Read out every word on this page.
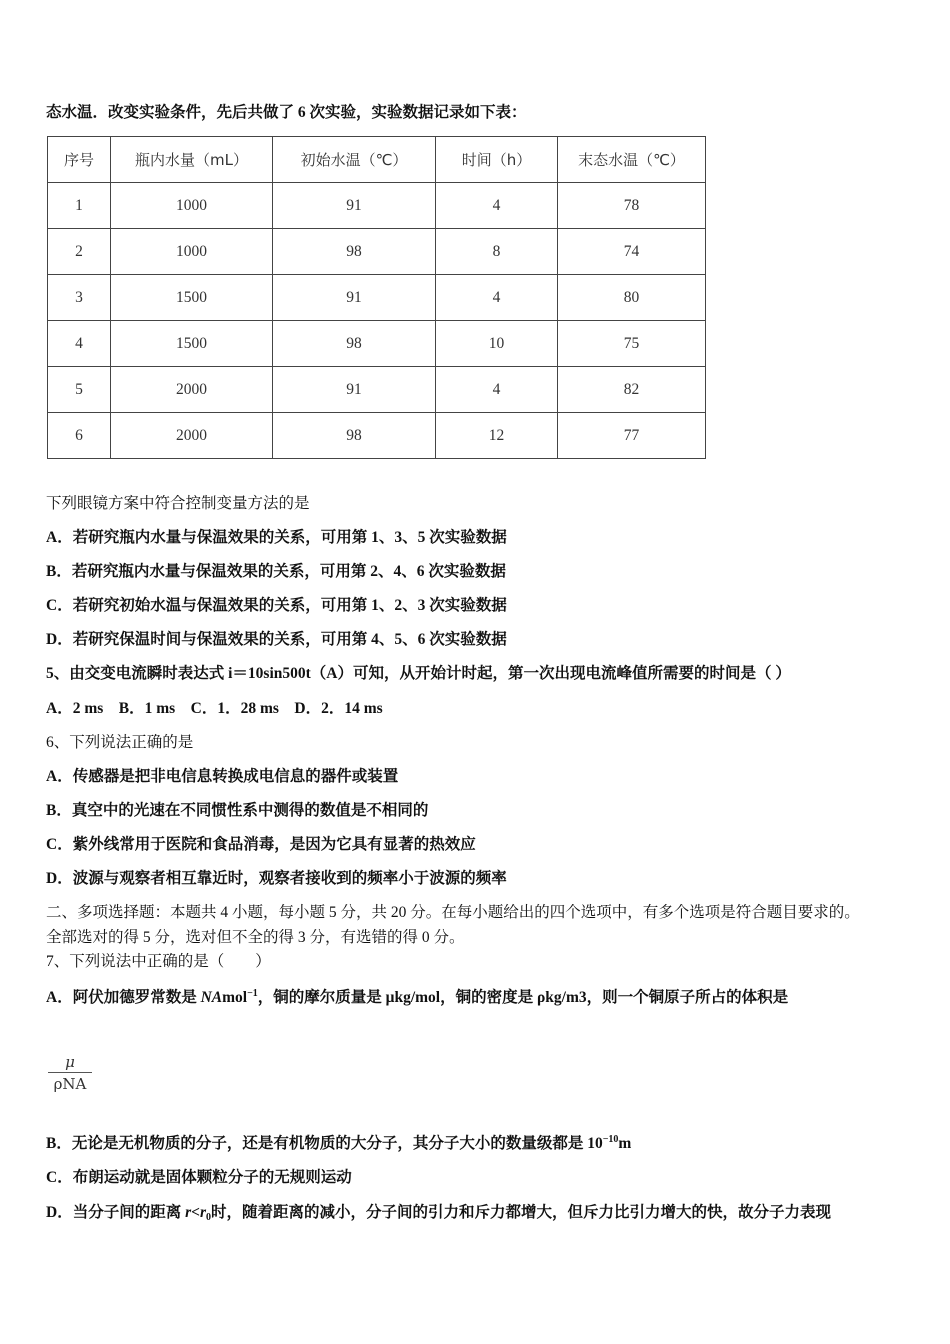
态水温．改变实验条件，先后共做了 6 次实验，实验数据记录如下表：
序号	瓶内水量（mL）	初始水温（℃）	时间（h）	末态水温（℃）
1	1000	91	4	78
2	1000	98	8	74
3	1500	91	4	80
4	1500	98	10	75
5	2000	91	4	82
6	2000	98	12	77
下列眼镜方案中符合控制变量方法的是
A．若研究瓶内水量与保温效果的关系，可用第 1、3、5 次实验数据
B．若研究瓶内水量与保温效果的关系，可用第 2、4、6 次实验数据
C．若研究初始水温与保温效果的关系，可用第 1、2、3 次实验数据
D．若研究保温时间与保温效果的关系，可用第 4、5、6 次实验数据
5、由交变电流瞬时表达式 i＝10sin500t（A）可知，从开始计时起，第一次出现电流峰值所需要的时间是（ ）
A．2 ms　B．1 ms　C．1．28 ms　D．2．14 ms
6、下列说法正确的是
A．传感器是把非电信息转换成电信息的器件或装置
B．真空中的光速在不同惯性系中测得的数值是不相同的
C．紫外线常用于医院和食品消毒，是因为它具有显著的热效应
D．波源与观察者相互靠近时，观察者接收到的频率小于波源的频率
二、多项选择题：本题共 4 小题，每小题 5 分，共 20 分。在每小题给出的四个选项中，有多个选项是符合题目要求的。
全部选对的得 5 分，选对但不全的得 3 分，有选错的得 0 分。
7、下列说法中正确的是（　　）
A．阿伏加德罗常数是 NAmol$^{-1}$，铜的摩尔质量是 μkg/mol，铜的密度是 ρkg/m3，则一个铜原子所占的体积是
μ
ρNA
B．无论是无机物质的分子，还是有机物质的大分子，其分子大小的数量级都是 $10^{-10}m$
C．布朗运动就是固体颗粒分子的无规则运动
D．当分子间的距离 $r<r_0$时，随着距离的减小，分子间的引力和斥力都增大，但斥力比引力增大的快，故分子力表现
